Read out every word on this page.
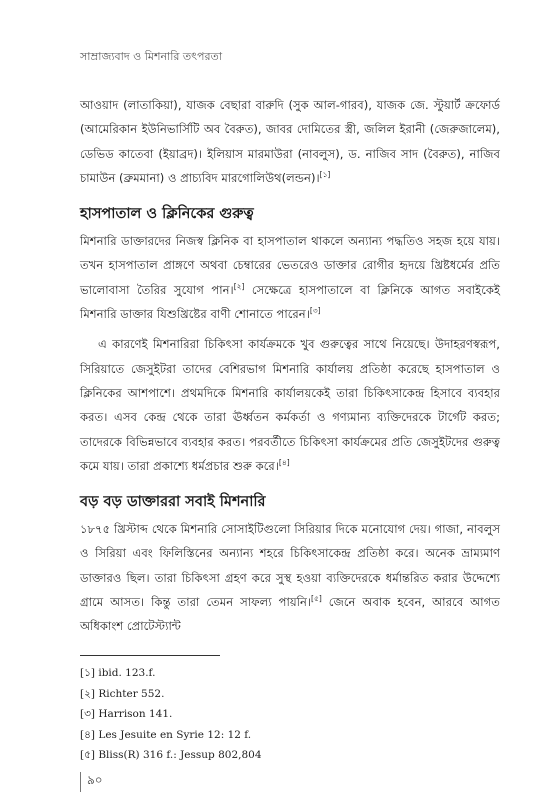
সাম্রাজ্যবাদ ও মিশনারি তৎপরতা

আওয়াদ (লাতাকিয়া), যাজক বেছারা বারুদি (সুক আল-গারব), যাজক জে. স্টুয়ার্ট ক্রফোর্ড (আমেরিকান ইউনিভার্সিটি অব বৈরুত), জাবর দোমিতের স্ত্রী, জলিল ইরানী (জেরুজালেম), ডেভিড কাতেবা (ইয়াব্রদ)। ইলিয়াস মারমাউরা (নাবলুস), ড. নাজিব সাদ (বৈরুত), নাজিব চামাউন (ব্রুমমানা) ও প্রাচ্যবিদ মারগোলিউথ(লন্ডন)।[১]

হাসপাতাল ও ক্লিনিকের গুরুত্ব

মিশনারি ডাক্তারদের নিজস্ব ক্লিনিক বা হাসপাতাল থাকলে অন্যান্য পদ্ধতিও সহজ হয়ে যায়। তখন হাসপাতাল প্রাঙ্গণে অথবা চেম্বারের ভেতরেও ডাক্তার রোগীর হৃদয়ে খ্রিষ্টধর্মের প্রতি ভালোবাসা তৈরির সুযোগ পান।[২] সেক্ষেত্রে হাসপাতালে বা ক্লিনিকে আগত সবাইকেই মিশনারি ডাক্তার যিশুখ্রিষ্টের বাণী শোনাতে পারেন।[৩]

এ কারণেই মিশনারিরা চিকিৎসা কার্যক্রমকে খুব গুরুত্বের সাথে নিয়েছে। উদাহরণস্বরূপ, সিরিয়াতে জেসুইটরা তাদের বেশিরভাগ মিশনারি কার্যালয় প্রতিষ্ঠা করেছে হাসপাতাল ও ক্লিনিকের আশপাশে। প্রথমদিকে মিশনারি কার্যালয়কেই তারা চিকিৎসাকেন্দ্র হিসাবে ব্যবহার করত। এসব কেন্দ্র থেকে তারা ঊর্ধ্বতন কর্মকর্তা ও গণ্যমান্য ব্যক্তিদেরকে টার্গেট করত; তাদেরকে বিভিন্নভাবে ব্যবহার করত। পরবর্তীতে চিকিৎসা কার্যক্রমের প্রতি জেসুইটদের গুরুত্ব কমে যায়। তারা প্রকাশ্যে ধর্মপ্রচার শুরু করে।[৪]

বড় বড় ডাক্তাররা সবাই মিশনারি

১৮৭৫ খ্রিস্টাব্দ থেকে মিশনারি সোসাইটিগুলো সিরিয়ার দিকে মনোযোগ দেয়। গাজা, নাবলুস ও সিরিয়া এবং ফিলিস্তিনের অন্যান্য শহরে চিকিৎসাকেন্দ্র প্রতিষ্ঠা করে। অনেক ভ্রাম্যমাণ ডাক্তারও ছিল। তারা চিকিৎসা গ্রহণ করে সুস্থ হওয়া ব্যক্তিদেরকে ধর্মান্তরিত করার উদ্দেশ্যে গ্রামে আসত। কিন্তু তারা তেমন সাফল্য পায়নি।[৫] জেনে অবাক হবেন, আরবে আগত অধিকাংশ প্রোটেস্ট্যান্ট

[১] ibid. 123.f.
[২] Richter 552.
[৩] Harrison 141.
[৪] Les Jesuite en Syrie 12: 12 f.
[৫] Bliss(R) 316 f.: Jessup 802,804
৯০
